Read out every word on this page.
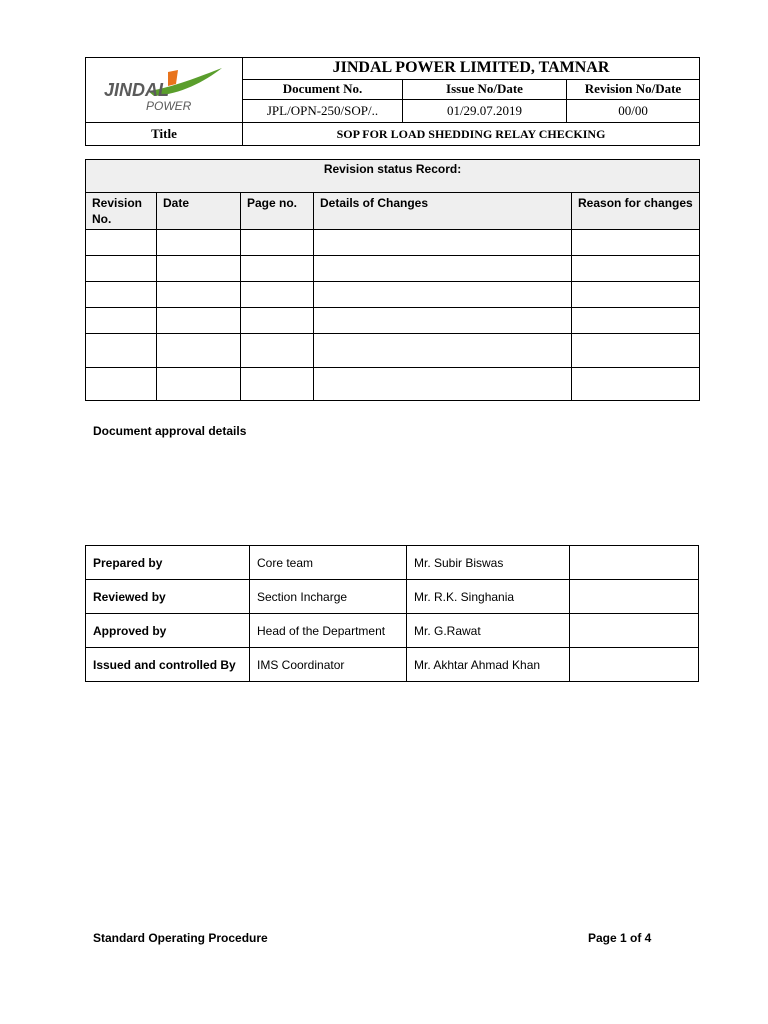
JINDAL
POWER	JINDAL POWER LIMITED, TAMNAR		
	Document No.	Issue No/Date	Revision No/Date
	JPL/OPN-250/SOP/..	01/29.07.2019	00/00
Title	SOP FOR LOAD SHEDDING RELAY CHECKING		
Revision status Record:				
Revision No.	Date	Page no.	Details of Changes	Reason for changes

Document approval details
Prepared by	Core team	Mr. Subir Biswas	
Reviewed by	Section Incharge	Mr. R.K. Singhania	
Approved by	Head of the Department	Mr. G.Rawat	
Issued and controlled By	IMS Coordinator	Mr. Akhtar Ahmad Khan	
Standard Operating Procedure	Page 1 of 4
